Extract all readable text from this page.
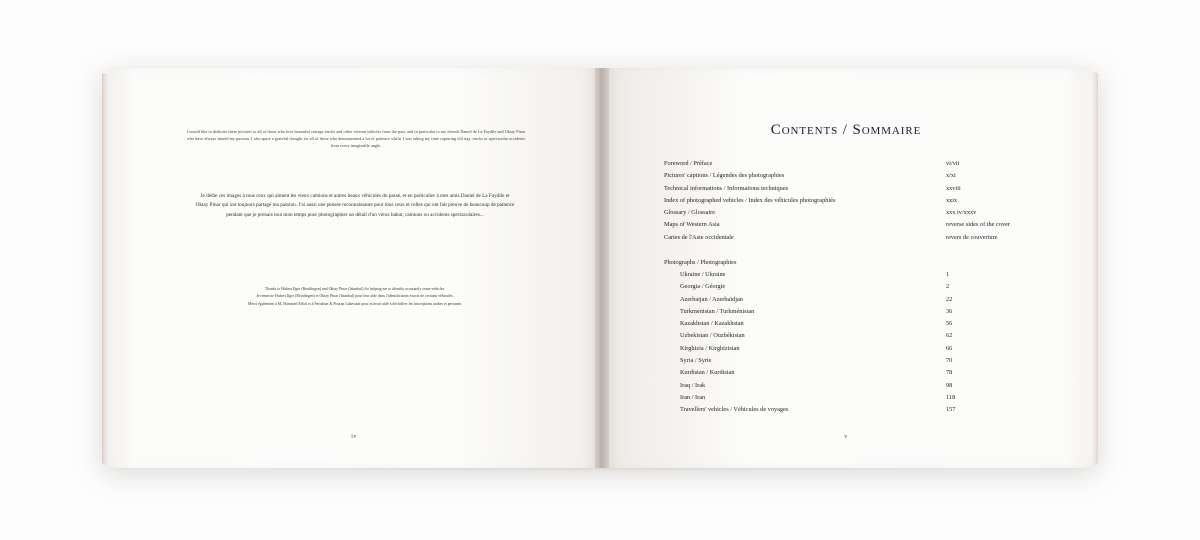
I would like to dedicate these pictures to all of those who love beautiful vintage trucks and other veteran vehicles from the past, and in particular to my friends Daniel de La Faydile and Oktay Pinar who have always shared my passion. I also spare a grateful thought for all of those who demonstrated a lot of patience whilst I was taking my time capturing old rigs, trucks or spectacular accidents from every imaginable angle.
Je dédie ces images à tous ceux qui aiment les vieux camions et autres beaux véhicules du passé, et en particulier à mes amis Daniel de La Faydile et Oktay Pinar qui ont toujours partagé ma passion. J'ai aussi une pensée reconnaissante pour tous ceux et celles qui ont fait preuve de beaucoup de patience pendant que je prenais tout mon temps pour photographier un détail d'un vieux bahut, camions ou accidents spectaculaires...
Thanks to Hubert Ilger (Reutlingen) and Oktay Pinar (Istanbul) for helping me to identify accurately some vehicles.
Je remercie Hubert Ilger (Reutlingen) et Oktay Pinar (Istanbul) pour leur aide dans l'identification exacte de certains véhicules.
Merci également à M. Hammed Erbal et à Feridoun & Pouran Lakestani pour m'avoir aidé à déchiffrer les inscriptions arabes et persanes.
iv
Contents / Sommaire
Foreword / Préface	vi/vii
Pictures' captions / Légendes des photographies	x/xi
Technical informations / Informations techniques	xxviii
Index of photographed vehicles / Index des véhicules photographiés	xxix
Glossary / Glossaire	xxx iv/xxxv
Maps of Western Asia	reverse sides of the cover
Cartes de l'Asie occidentale	revers de couverture
Photographs / Photographies
Ukraine / Ukraine	1
Georgia / Géorgie	2
Azerbaijan / Azerbaïdjan	22
Turkmenistan / Turkménistan	36
Kazakhstan / Kazakhstan	56
Uzbekistan / Ouzbékistan	62
Kirghizia / Kirghizistan	66
Syria / Syrie	70
Kurdistan / Kurdistan	78
Iraq / Irak	98
Iran / Iran	118
Travellers' vehicles / Véhicules de voyages	157
v
